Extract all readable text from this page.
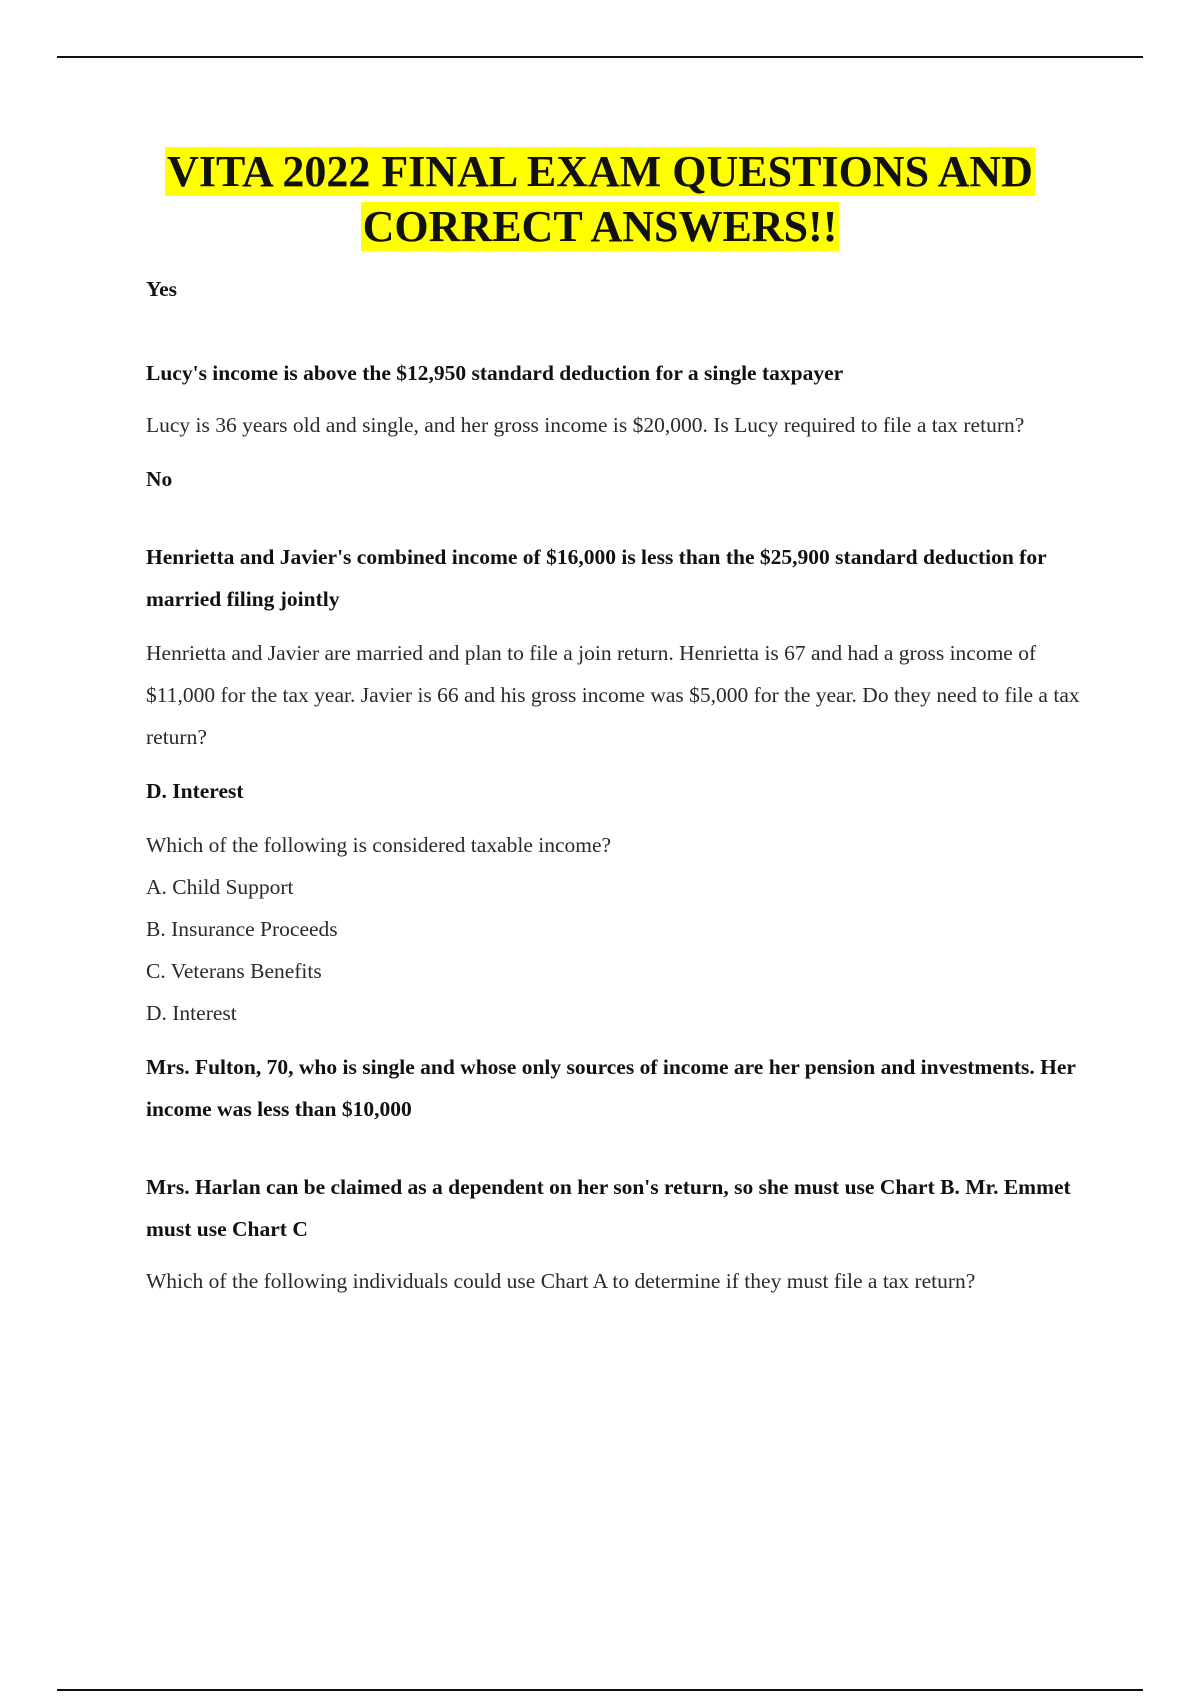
VITA 2022 FINAL EXAM QUESTIONS AND
CORRECT ANSWERS!!

Yes

Lucy's income is above the $12,950 standard deduction for a single taxpayer

Lucy is 36 years old and single, and her gross income is $20,000. Is Lucy required to file a tax return?

No

Henrietta and Javier's combined income of $16,000 is less than the $25,900 standard deduction for married filing jointly

Henrietta and Javier are married and plan to file a join return. Henrietta is 67 and had a gross income of $11,000 for the tax year. Javier is 66 and his gross income was $5,000 for the year. Do they need to file a tax return?

D. Interest

Which of the following is considered taxable income?

A. Child Support

B. Insurance Proceeds

C. Veterans Benefits

D. Interest

Mrs. Fulton, 70, who is single and whose only sources of income are her pension and investments. Her income was less than $10,000

Mrs. Harlan can be claimed as a dependent on her son's return, so she must use Chart B. Mr. Emmet must use Chart C

Which of the following individuals could use Chart A to determine if they must file a tax return?
